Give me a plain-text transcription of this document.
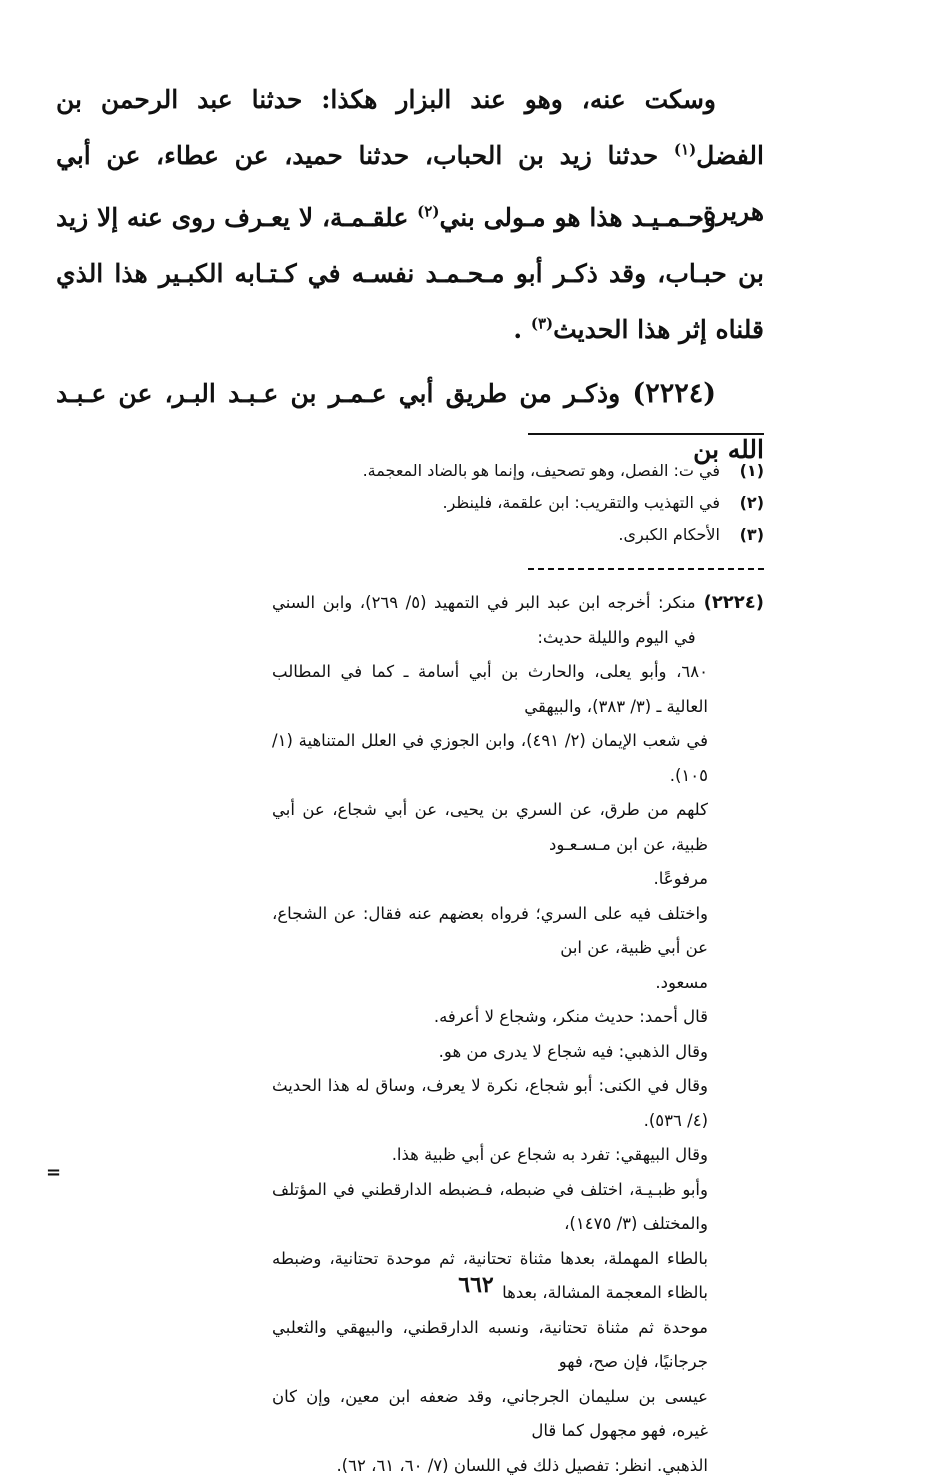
وسكت عنه، وهو عند البزار هكذا: حدثنا عبد الرحمن بن الفضل$^{(١)}$ حدثنا زيد بن الحباب، حدثنا حميد، عن عطاء، عن أبي هريرة.

وحـمـيـد هذا هو مـولى بني$^{(٢)}$ علقـمـة، لا يعـرف روى عنه إلا زيد بن حبـاب، وقد ذكـر أبو مـحـمـد نفسـه في كـتـابه الكبـير هذا الذي قلناه إثر هذا الحديث$^{(٣)}$ .

(٢٢٢٤) وذكـر من طريق أبي عـمـر بن عـبـد البـر، عن عـبـد الله بن

(١)
في ت: الفصل، وهو تصحيف، وإنما هو بالضاد المعجمة.
(٢)
في التهذيب والتقريب: ابن علقمة، فلينظر.
(٣)
الأحكام الكبرى.
(٢٢٢٤)
منكر: أخرجه ابن عبد البر في التمهيد (٥/ ٢٦٩)، وابن السني في اليوم والليلة حديث:
٦٨٠، وأبو يعلى، والحارث بن أبي أسامة ـ كما في المطالب العالية ـ (٣/ ٣٨٣)، والبيهقي
في شعب الإيمان (٢/ ٤٩١)، وابن الجوزي في العلل المتناهية (١/ ١٠٥).
كلهم من طرق، عن السري بن يحيى، عن أبي شجاع، عن أبي ظبية، عن ابن مـسـعـود
مرفوعًا.
واختلف فيه على السري؛ فرواه بعضهم عنه فقال: عن الشجاع، عن أبي ظبية، عن ابن
مسعود.
قال أحمد: حديث منكر، وشجاع لا أعرفه.
وقال الذهبي: فيه شجاع لا يدرى من هو.
وقال في الكنى: أبو شجاع، نكرة لا يعرف، وساق له هذا الحديث (٤/ ٥٣٦).
وقال البيهقي: تفرد به شجاع عن أبي ظبية هذا.
وأبو ظبـيـة، اختلف في ضبطه، فـضبطه الدارقطني في المؤتلف والمختلف (٣/ ١٤٧٥)،
بالطاء المهملة، بعدها مثناة تحتانية، ثم موحدة تحتانية، وضبطه بالظاء المعجمة المشالة، بعدها
موحدة ثم مثناة تحتانية، ونسبه الدارقطني، والبيهقي والثعلبي جرجانيًا، فإن صح، فهو
عيسى بن سليمان الجرجاني، وقد ضعفه ابن معين، وإن كان غيره، فهو مجهول كما قال
الذهبي. انظر: تفصيل ذلك في اللسان (٧/ ٦٠، ٦١، ٦٢).
=
٦٦٢
